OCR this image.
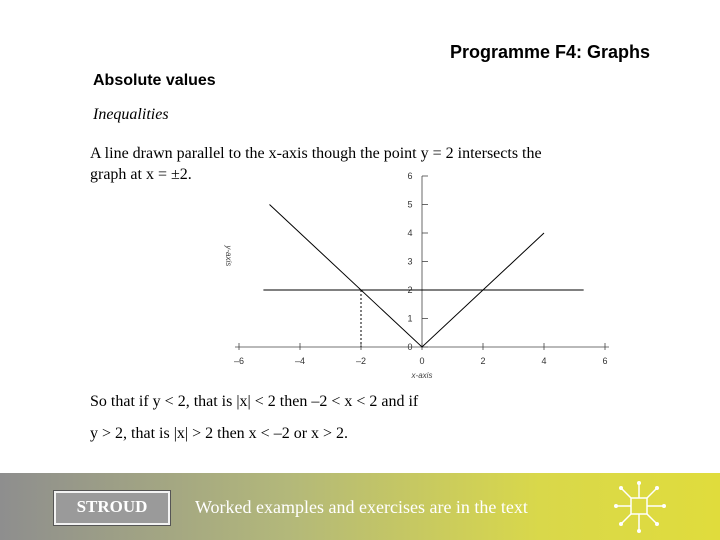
Programme F4: Graphs
Absolute values
Inequalities
A line drawn parallel to the x-axis though the point y = 2 intersects the
graph at x = ±2.
–6	–4	–2	0	2	4	6
6
5
4
3
2
1
0
x-axis
y-axis
So that if y < 2, that is |x| < 2 then –2 < x < 2 and if
y > 2, that is |x| > 2 then x < –2 or x > 2.
STROUD	Worked examples and exercises are in the text
